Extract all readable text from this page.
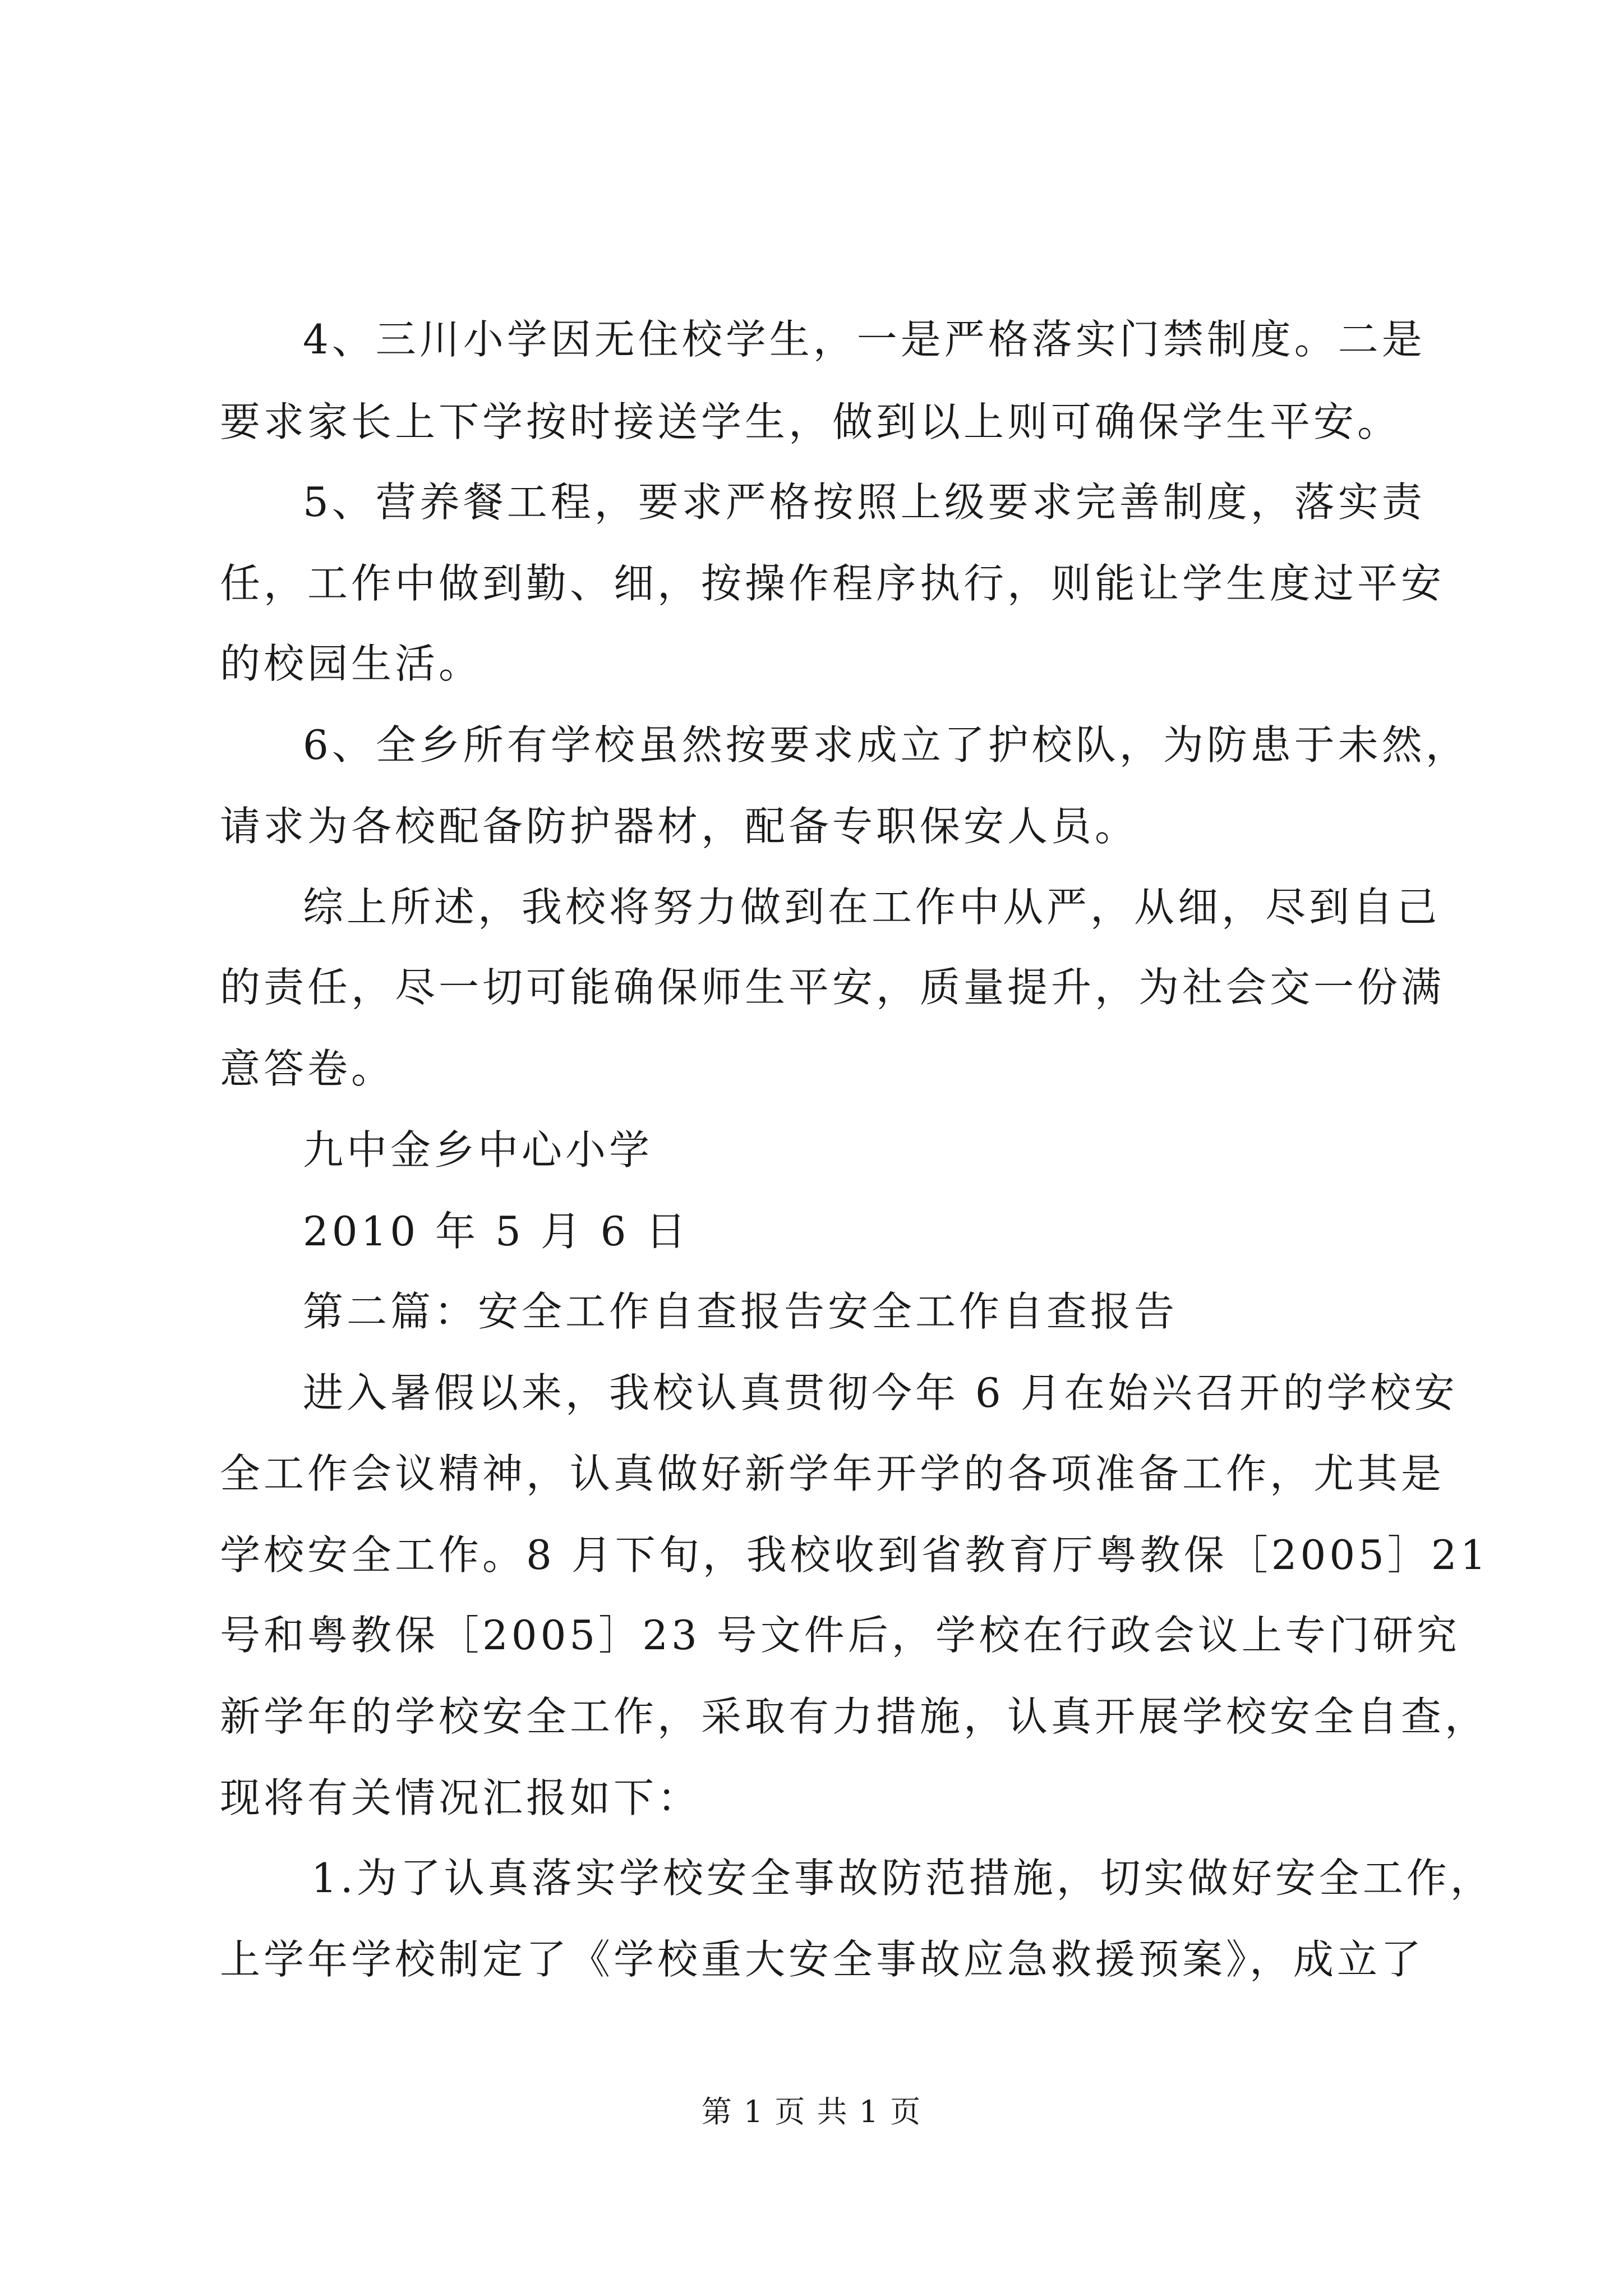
4、三川小学因无住校学生，一是严格落实门禁制度。二是
要求家长上下学按时接送学生，做到以上则可确保学生平安。
5、营养餐工程，要求严格按照上级要求完善制度，落实责
任，工作中做到勤、细，按操作程序执行，则能让学生度过平安
的校园生活。
6、全乡所有学校虽然按要求成立了护校队，为防患于未然，
请求为各校配备防护器材，配备专职保安人员。
综上所述，我校将努力做到在工作中从严，从细，尽到自己
的责任，尽一切可能确保师生平安，质量提升，为社会交一份满
意答卷。
九中金乡中心小学
2010 年 5 月 6 日
第二篇：安全工作自查报告安全工作自查报告
进入暑假以来，我校认真贯彻今年 6 月在始兴召开的学校安
全工作会议精神，认真做好新学年开学的各项准备工作，尤其是
学校安全工作。8 月下旬，我校收到省教育厅粤教保［2005］21
号和粤教保［2005］23 号文件后，学校在行政会议上专门研究
新学年的学校安全工作，采取有力措施，认真开展学校安全自查，
现将有关情况汇报如下：
1.为了认真落实学校安全事故防范措施，切实做好安全工作，
上学年学校制定了《学校重大安全事故应急救援预案》，成立了
第 1 页 共 1 页
